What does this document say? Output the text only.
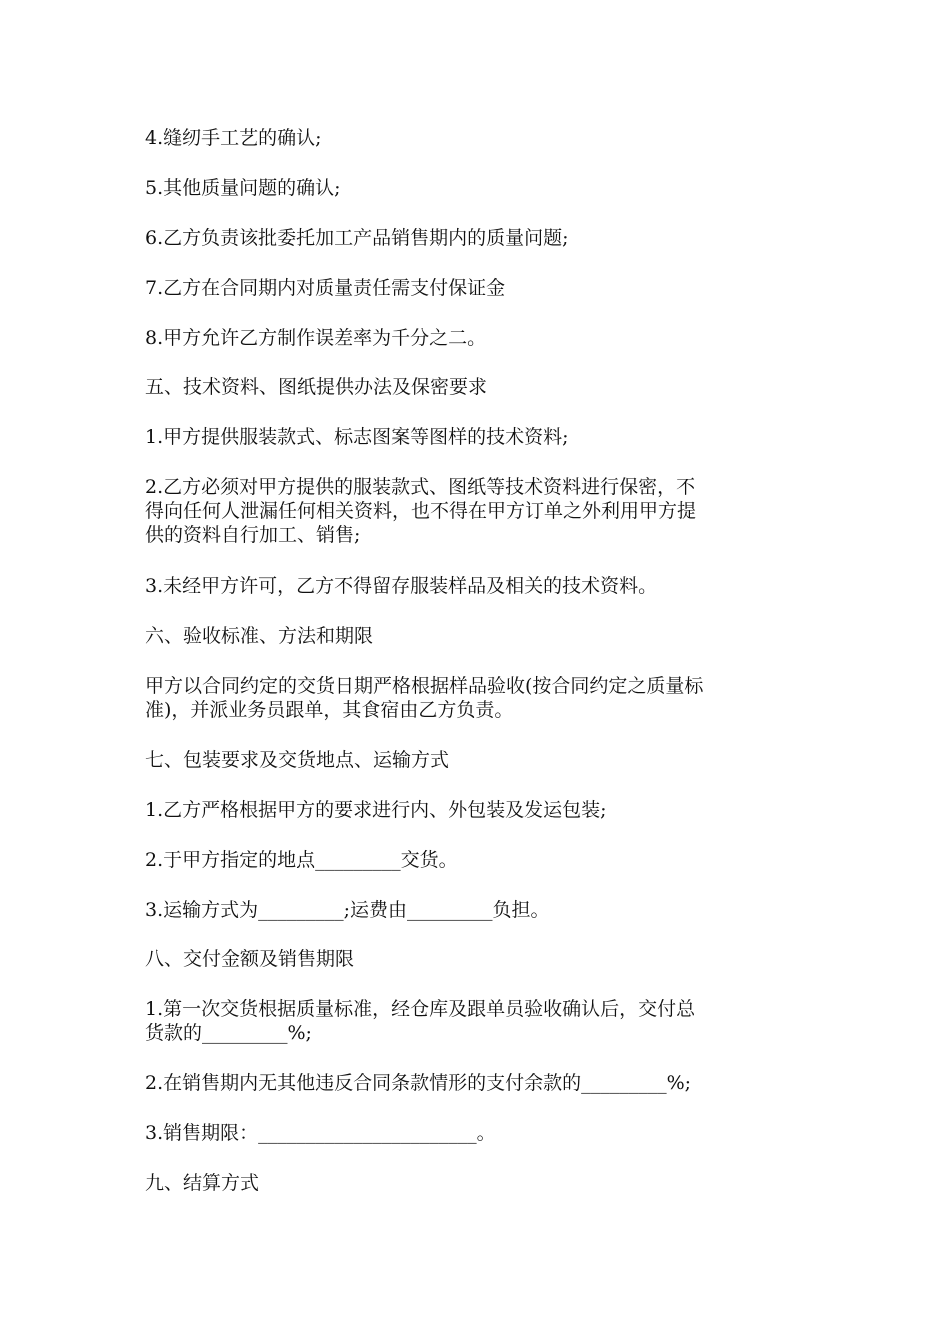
4.缝纫手工艺的确认;
5.其他质量问题的确认;
6.乙方负责该批委托加工产品销售期内的质量问题;
7.乙方在合同期内对质量责任需支付保证金
8.甲方允许乙方制作误差率为千分之二。
五、技术资料、图纸提供办法及保密要求
1.甲方提供服装款式、标志图案等图样的技术资料;
2.乙方必须对甲方提供的服装款式、图纸等技术资料进行保密，不
得向任何人泄漏任何相关资料，也不得在甲方订单之外利用甲方提
供的资料自行加工、销售;
3.未经甲方许可，乙方不得留存服装样品及相关的技术资料。
六、验收标准、方法和期限
甲方以合同约定的交货日期严格根据样品验收(按合同约定之质量标
准)，并派业务员跟单，其食宿由乙方负责。
七、包装要求及交货地点、运输方式
1.乙方严格根据甲方的要求进行内、外包装及发运包装;
2.于甲方指定的地点_________交货。
3.运输方式为_________;运费由_________负担。
八、交付金额及销售期限
1.第一次交货根据质量标准，经仓库及跟单员验收确认后，交付总
货款的_________%;
2.在销售期内无其他违反合同条款情形的支付余款的_________%;
3.销售期限：_______________________。
九、结算方式
